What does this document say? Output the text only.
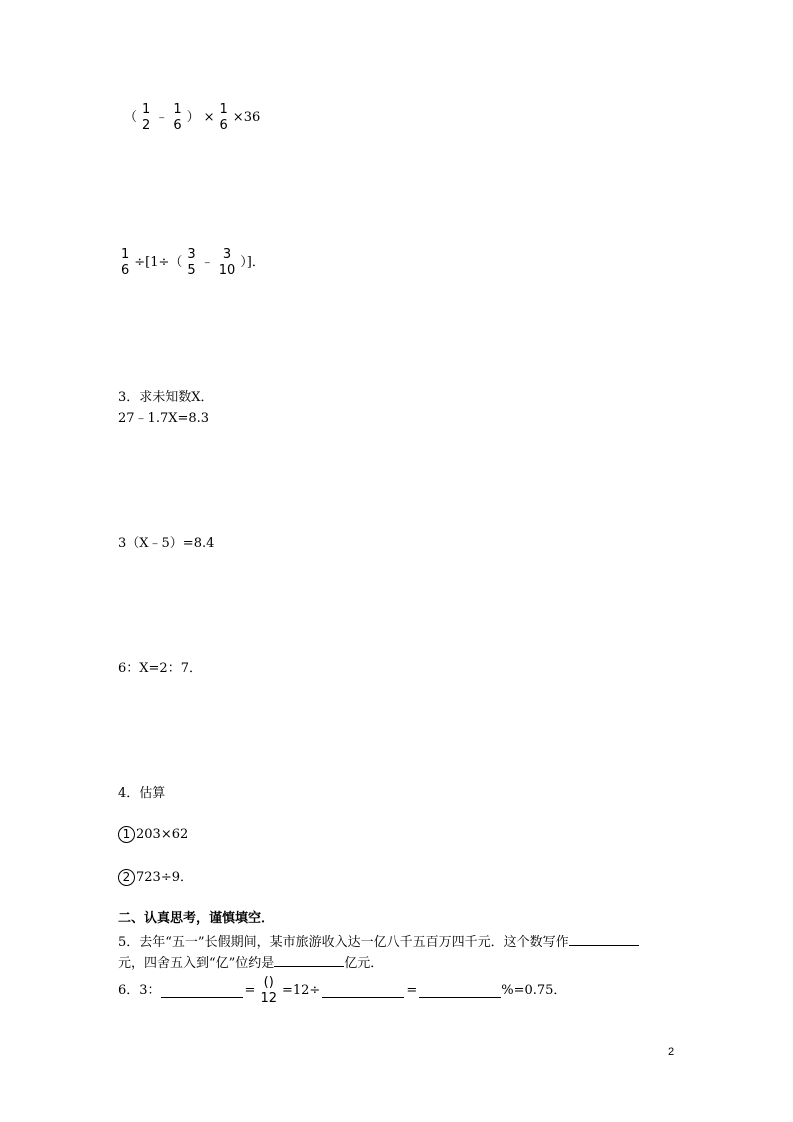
（ 1
2
﹣ 1
6
） × 1
6
×36
1
6
÷[1÷（ 3
5
﹣ 3
10
）]．
3．求未知数X．
27﹣1.7X=8.3
3（X﹣5）=8.4
6：X=2：7．
4．估算
1 203×62
2 723÷9．
二、认真思考，谨慎填空．
5．去年“五一”长假期间，某市旅游收入达一亿八千五百万四千元．这个数写作
元，四舍五入到“亿”位约是	亿元．
6．3：	= ()
12
=12÷	=	%=0.75．
2
